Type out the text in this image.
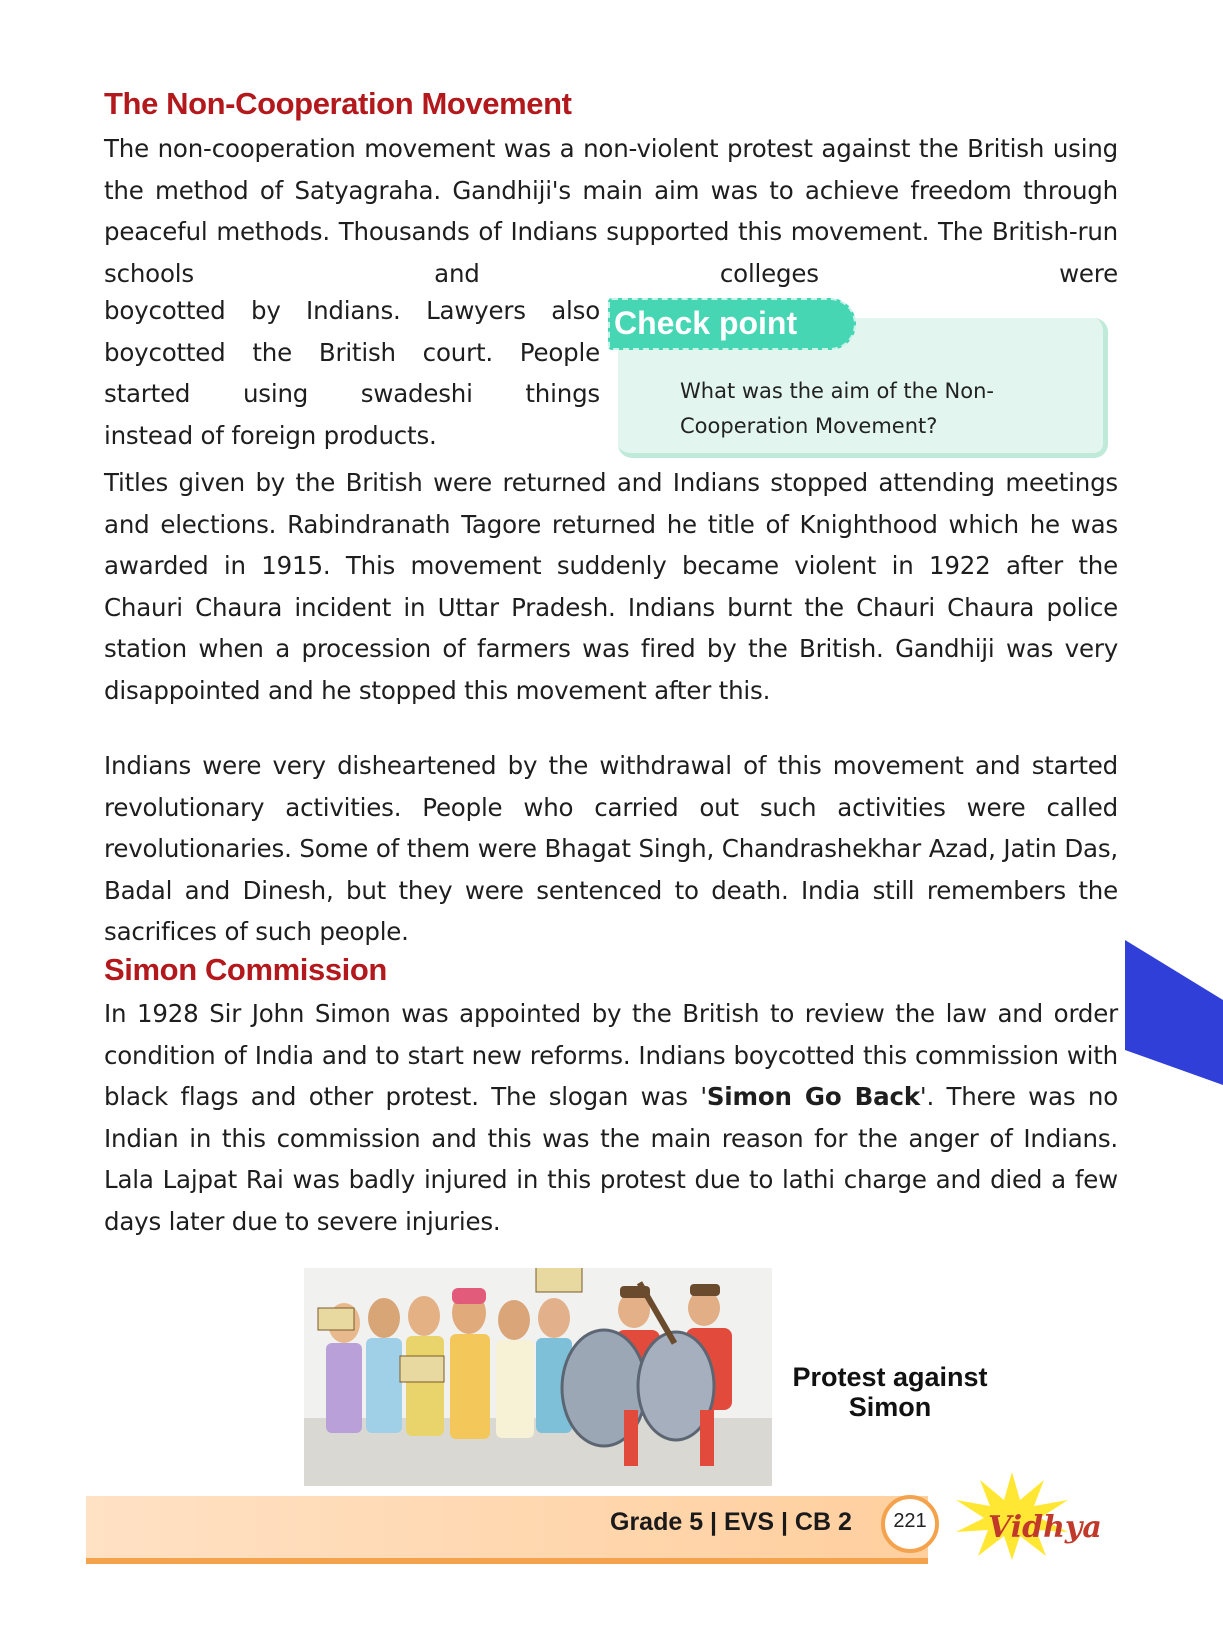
The Non-Cooperation Movement

The non-cooperation movement was a non-violent protest against the British using the method of Satyagraha. Gandhiji's main aim was to achieve freedom through peaceful methods. Thousands of Indians supported this movement. The British-run schools and colleges were

boycotted by Indians. Lawyers also boycotted the British court. People started using swadeshi things
instead of foreign products.

Check point

What was the aim of the Non-Cooperation Movement?

Titles given by the British were returned and Indians stopped attending meetings and elections. Rabindranath Tagore returned he title of Knighthood which he was awarded in 1915. This movement suddenly became violent in 1922 after the Chauri Chaura incident in Uttar Pradesh. Indians burnt the Chauri Chaura police station when a procession of farmers was fired by the British. Gandhiji was very disappointed and he stopped this movement after this.

Indians were very disheartened by the withdrawal of this movement and started revolutionary activities. People who carried out such activities were called revolutionaries. Some of them were Bhagat Singh, Chandrashekhar Azad, Jatin Das, Badal and Dinesh, but they were sentenced to death. India still remembers the sacrifices of such people.

Simon Commission

In 1928 Sir John Simon was appointed by the British to review the law and order condition of India and to start new reforms. Indians boycotted this commission with black flags and other protest. The slogan was 'Simon Go Back'. There was no Indian in this commission and this was the main reason for the anger of Indians. Lala Lajpat Rai was badly injured in this protest due to lathi charge and died a few days later due to severe injuries.

Protest against Simon

Grade 5 | EVS | CB 2	221	Vidhya
